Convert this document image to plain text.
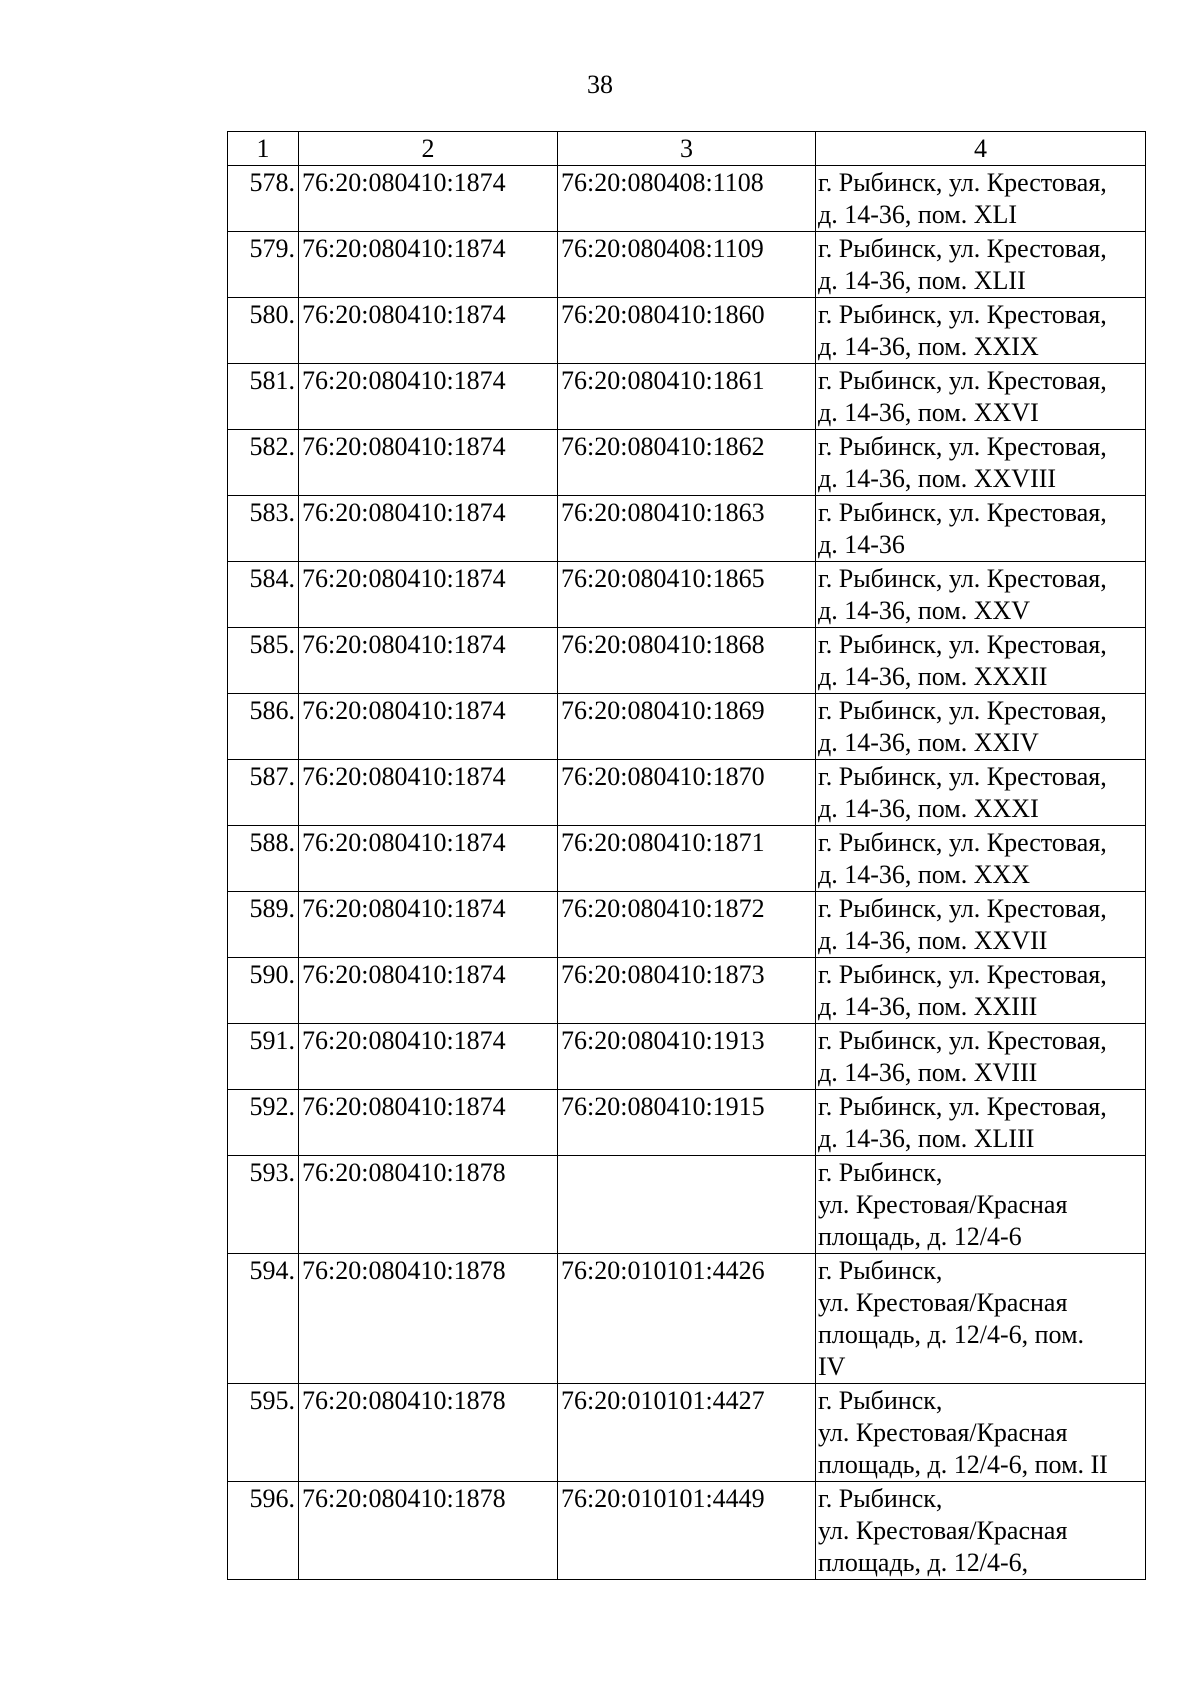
38
1	2	3	4
578.	76:20:080410:1874	76:20:080408:1108	г. Рыбинск, ул. Крестовая,
д. 14-36, пом. XLI

579.	76:20:080410:1874	76:20:080408:1109	г. Рыбинск, ул. Крестовая,
д. 14-36, пом. XLII

580.	76:20:080410:1874	76:20:080410:1860	г. Рыбинск, ул. Крестовая,
д. 14-36, пом. XXIX

581.	76:20:080410:1874	76:20:080410:1861	г. Рыбинск, ул. Крестовая,
д. 14-36, пом. XXVI

582.	76:20:080410:1874	76:20:080410:1862	г. Рыбинск, ул. Крестовая,
д. 14-36, пом. XXVIII

583.	76:20:080410:1874	76:20:080410:1863	г. Рыбинск, ул. Крестовая,
д. 14-36

584.	76:20:080410:1874	76:20:080410:1865	г. Рыбинск, ул. Крестовая,
д. 14-36, пом. XXV

585.	76:20:080410:1874	76:20:080410:1868	г. Рыбинск, ул. Крестовая,
д. 14-36, пом. XXXII

586.	76:20:080410:1874	76:20:080410:1869	г. Рыбинск, ул. Крестовая,
д. 14-36, пом. XXIV

587.	76:20:080410:1874	76:20:080410:1870	г. Рыбинск, ул. Крестовая,
д. 14-36, пом. XXXI

588.	76:20:080410:1874	76:20:080410:1871	г. Рыбинск, ул. Крестовая,
д. 14-36, пом. XXX

589.	76:20:080410:1874	76:20:080410:1872	г. Рыбинск, ул. Крестовая,
д. 14-36, пом. XXVII

590.	76:20:080410:1874	76:20:080410:1873	г. Рыбинск, ул. Крестовая,
д. 14-36, пом. XXIII

591.	76:20:080410:1874	76:20:080410:1913	г. Рыбинск, ул. Крестовая,
д. 14-36, пом. XVIII

592.	76:20:080410:1874	76:20:080410:1915	г. Рыбинск, ул. Крестовая,
д. 14-36, пом. XLIII

593.	76:20:080410:1878		г. Рыбинск,
ул. Крестовая/Красная
площадь, д. 12/4-6

594.	76:20:080410:1878	76:20:010101:4426	г. Рыбинск,
ул. Крестовая/Красная
площадь, д. 12/4-6, пом.
IV

595.	76:20:080410:1878	76:20:010101:4427	г. Рыбинск,
ул. Крестовая/Красная
площадь, д. 12/4-6, пом. II

596.	76:20:080410:1878	76:20:010101:4449	г. Рыбинск,
ул. Крестовая/Красная
площадь, д. 12/4-6,
